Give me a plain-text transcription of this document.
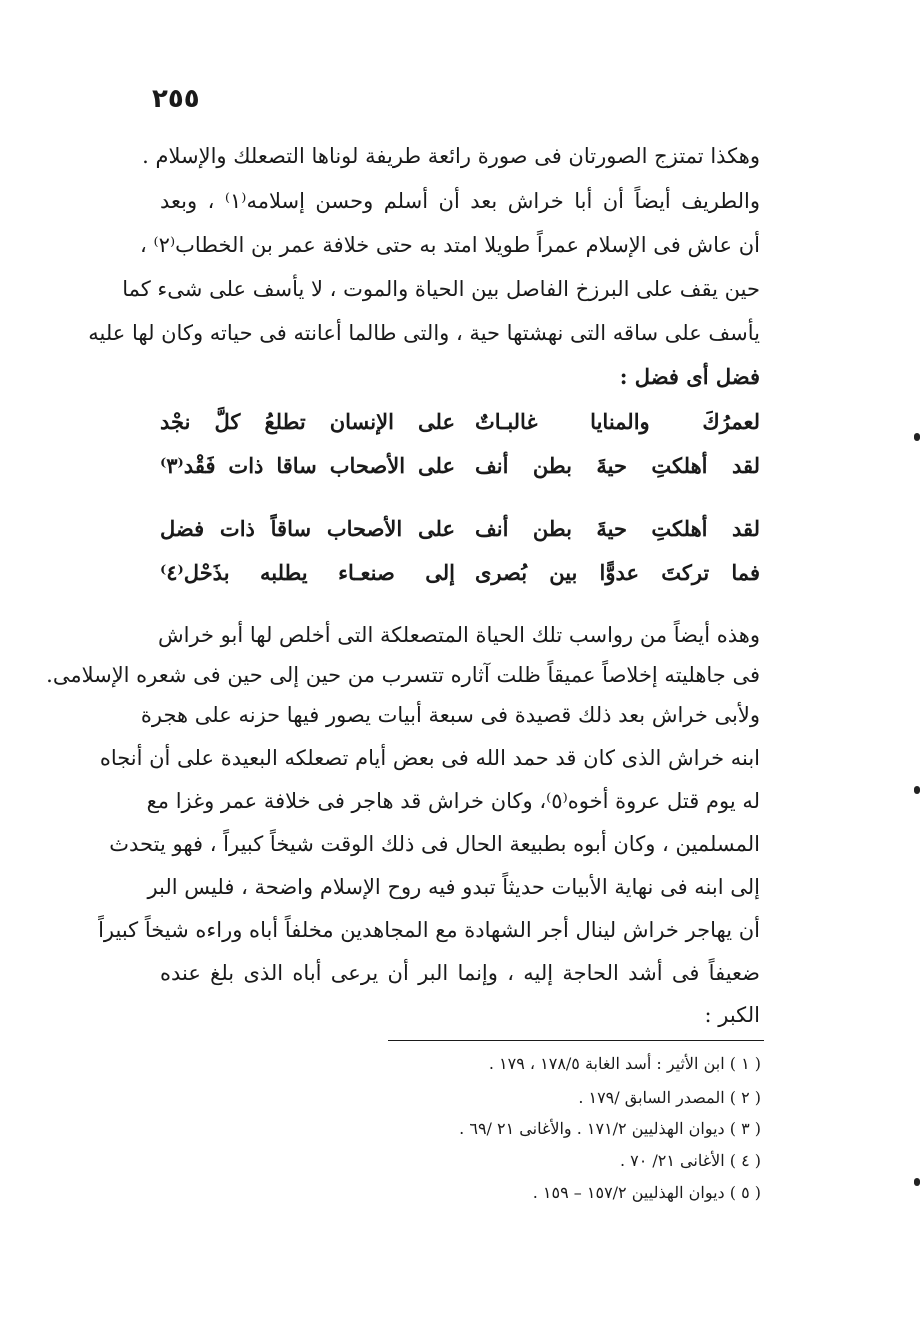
٢٥٥
وهكذا تمتزج الصورتان فى صورة رائعة طريفة لوناها التصعلك والإسلام .
والطريف أيضاً أن أبا خراش بعد أن أسلم وحسن إسلامه⁽١⁾ ، وبعد
أن عاش فى الإسلام عمراً طويلا امتد به حتى خلافة عمر بن الخطاب⁽٢⁾ ،
حين يقف على البرزخ الفاصل بين الحياة والموت ، لا يأسف على شىء كما
يأسف على ساقه التى نهشتها حية ، والتى طالما أعانته فى حياته وكان لها عليه
فضل أى فضل :
لعمرُكَ والمنايا غالبـاتٌ
على الإنسان تطلعُ كلَّ نجْد
لقد أهلكتِ حيةَ بطن أنف
على الأصحاب ساقا ذات فَقْد⁽٣⁾
لقد أهلكتِ حيةَ بطن أنف
على الأصحاب ساقاً ذات فضل
فما تركتَ عدوًّا بين بُصرى
إلى صنعـاء يطلبه بذَحْل⁽٤⁾
وهذه أيضاً من رواسب تلك الحياة المتصعلكة التى أخلص لها أبو خراش
فى جاهليته إخلاصاً عميقاً ظلت آثاره تتسرب من حين إلى حين فى شعره الإسلامى.
ولأبى خراش بعد ذلك قصيدة فى سبعة أبيات يصور فيها حزنه على هجرة
ابنه خراش الذى كان قد حمد الله فى بعض أيام تصعلكه البعيدة على أن أنجاه
له يوم قتل عروة أخوه⁽٥⁾، وكان خراش قد هاجر فى خلافة عمر وغزا مع
المسلمين ، وكان أبوه بطبيعة الحال فى ذلك الوقت شيخاً كبيراً ، فهو يتحدث
إلى ابنه فى نهاية الأبيات حديثاً تبدو فيه روح الإسلام واضحة ، فليس البر
أن يهاجر خراش لينال أجر الشهادة مع المجاهدين مخلفاً أباه وراءه شيخاً كبيراً
ضعيفاً فى أشد الحاجة إليه ، وإنما البر أن يرعى أباه الذى بلغ عنده
الكبر :
( ١ ) ابن الأثير : أسد الغابة ١٧٨/٥ ، ١٧٩ .
( ٢ ) المصدر السابق /١٧٩ .
( ٣ ) ديوان الهذليين ١٧١/٢ . والأغانى ٢١ /٦٩ .
( ٤ ) الأغانى ٢١/ ٧٠ .
( ٥ ) ديوان الهذليين ١٥٧/٢ – ١٥٩ .
